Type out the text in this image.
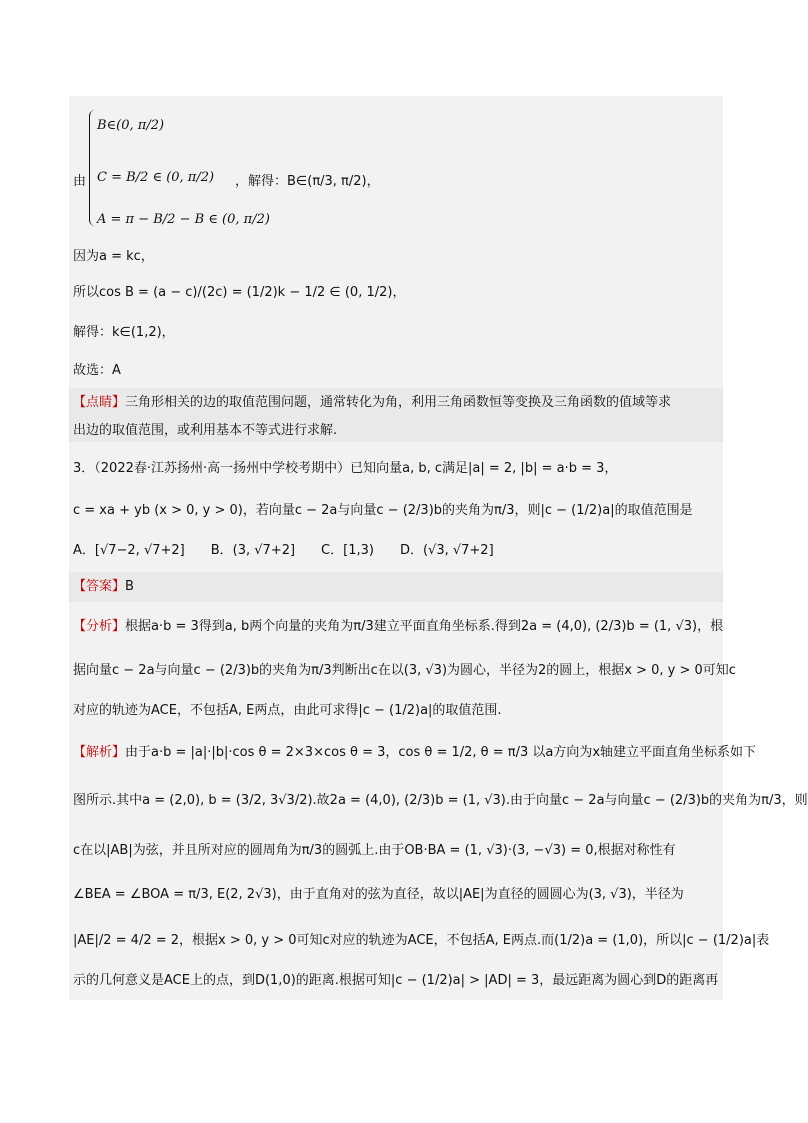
由
B∈(0, π/2)
C = B/2 ∈ (0, π/2)
A = π − B/2 − B ∈ (0, π/2)
，解得：B∈(π/3, π/2)，
因为a = kc，
所以cos B = (a − c)/(2c) = (1/2)k − 1/2 ∈ (0, 1/2)，
解得：k∈(1,2)，
故选：A
【点睛】三角形相关的边的取值范围问题，通常转化为角，利用三角函数恒等变换及三角函数的值域等求
出边的取值范围，或利用基本不等式进行求解.
3．（2022春·江苏扬州·高一扬州中学校考期中）已知向量a, b, c满足|a| = 2, |b| = a·b = 3，
c = xa + yb (x > 0, y > 0)，若向量c − 2a与向量c − (2/3)b的夹角为π/3，则|c − (1/2)a|的取值范围是
A．[√7−2, √7+2]　　B．(3, √7+2]　　C．[1,3)　　D．(√3, √7+2]
【答案】B
【分析】根据a·b = 3得到a, b两个向量的夹角为π/3建立平面直角坐标系.得到2a = (4,0), (2/3)b = (1, √3)，根
据向量c − 2a与向量c − (2/3)b的夹角为π/3判断出c在以(3, √3)为圆心，半径为2的圆上，根据x > 0, y > 0可知c
对应的轨迹为ACE，不包括A, E两点，由此可求得|c − (1/2)a|的取值范围.
【解析】由于a·b = |a|·|b|·cos θ = 2×3×cos θ = 3，cos θ = 1/2, θ = π/3 以a方向为x轴建立平面直角坐标系如下
图所示.其中a = (2,0), b = (3/2, 3√3/2).故2a = (4,0), (2/3)b = (1, √3).由于向量c − 2a与向量c − (2/3)b的夹角为π/3，则
c在以|AB|为弦，并且所对应的圆周角为π/3的圆弧上.由于OB·BA = (1, √3)·(3, −√3) = 0,根据对称性有
∠BEA = ∠BOA = π/3, E(2, 2√3)，由于直角对的弦为直径，故以|AE|为直径的圆圆心为(3, √3)，半径为
|AE|/2 = 4/2 = 2，根据x > 0, y > 0可知c对应的轨迹为ACE，不包括A, E两点.而(1/2)a = (1,0)，所以|c − (1/2)a|表
示的几何意义是ACE上的点，到D(1,0)的距离.根据可知|c − (1/2)a| > |AD| = 3，最远距离为圆心到D的距离再
